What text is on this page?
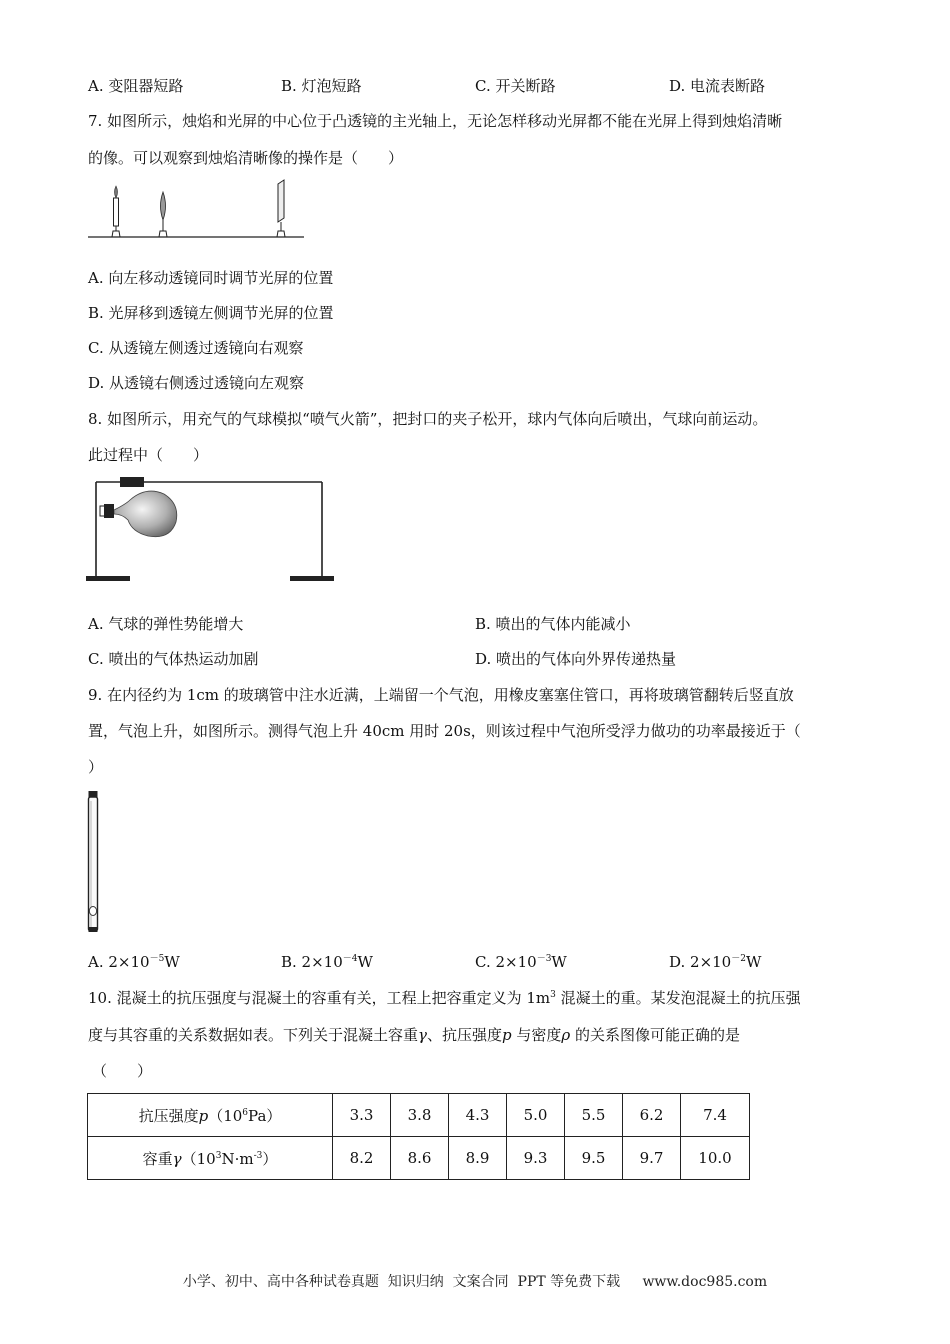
A. 变阻器短路	B. 灯泡短路	C. 开关断路	D. 电流表断路
7. 如图所示，烛焰和光屏的中心位于凸透镜的主光轴上，无论怎样移动光屏都不能在光屏上得到烛焰清晰
的像。可以观察到烛焰清晰像的操作是（　　）
A. 向左移动透镜同时调节光屏的位置
B. 光屏移到透镜左侧调节光屏的位置
C. 从透镜左侧透过透镜向右观察
D. 从透镜右侧透过透镜向左观察
8. 如图所示，用充气的气球模拟“喷气火箭”，把封口的夹子松开，球内气体向后喷出，气球向前运动。
此过程中（　　）
A. 气球的弹性势能增大	B. 喷出的气体内能减小
C. 喷出的气体热运动加剧	D. 喷出的气体向外界传递热量
9. 在内径约为 1cm 的玻璃管中注水近满，上端留一个气泡，用橡皮塞塞住管口，再将玻璃管翻转后竖直放
置，气泡上升，如图所示。测得气泡上升 40cm 用时 20s，则该过程中气泡所受浮力做功的功率最接近于（
）
A. $2\times 10^{-5}W$	B. $2\times 10^{-4}W$	C. $2\times 10^{-3}W$	D. $2\times 10^{-2}W$
10. 混凝土的抗压强度与混凝土的容重有关，工程上把容重定义为 $1m^3$ 混凝土的重。某发泡混凝土的抗压强
度与其容重的关系数据如表。下列关于混凝土容重γ、抗压强度p 与密度ρ 的关系图像可能正确的是
（　　）
抗压强度$p(10^6Pa)$	3.3	3.8	4.3	5.0	5.5	6.2	7.4
容重$\gamma(10^3N\cdot m^{-3})$	8.2	8.6	8.9	9.3	9.5	9.7	10.0
小学、初中、高中各种试卷真题  知识归纳  文案合同  PPT 等免费下载     www.doc985.com
